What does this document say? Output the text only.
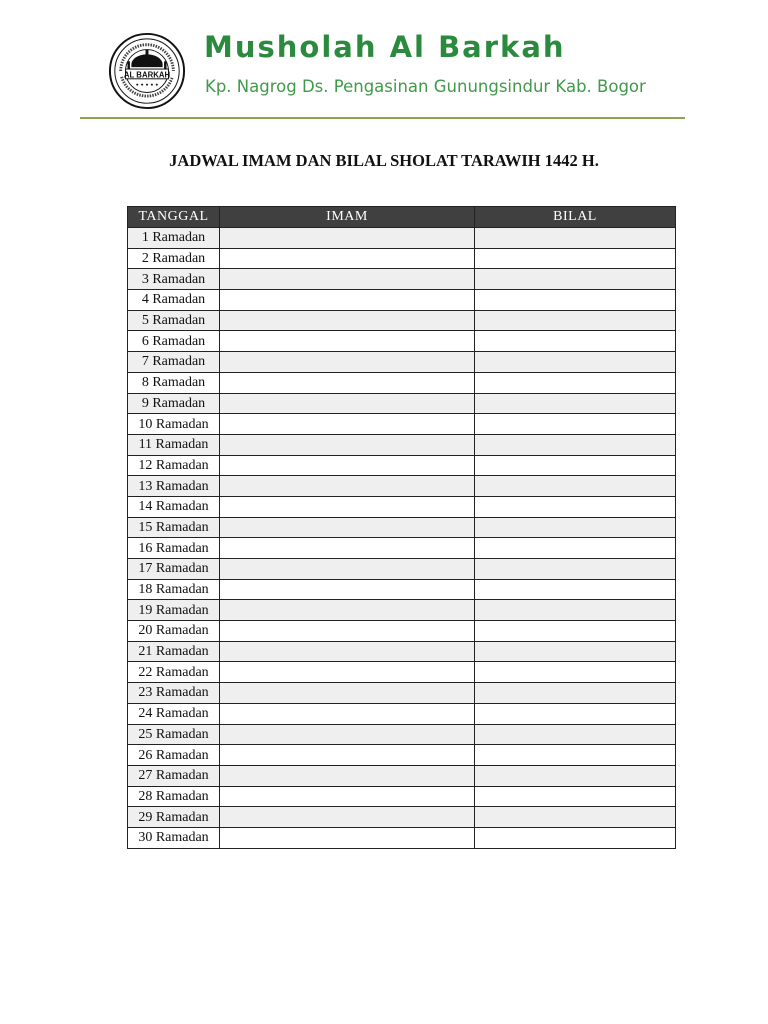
AL BARKAH
Musholah Al Barkah
Kp. Nagrog Ds. Pengasinan Gunungsindur Kab. Bogor
JADWAL IMAM DAN BILAL SHOLAT TARAWIH 1442 H.
TANGGAL	IMAM	BILAL
1 Ramadan		
2 Ramadan		
3 Ramadan		
4 Ramadan		
5 Ramadan		
6 Ramadan		
7 Ramadan		
8 Ramadan		
9 Ramadan		
10 Ramadan		
11 Ramadan		
12 Ramadan		
13 Ramadan		
14 Ramadan		
15 Ramadan		
16 Ramadan		
17 Ramadan		
18 Ramadan		
19 Ramadan		
20 Ramadan		
21 Ramadan		
22 Ramadan		
23 Ramadan		
24 Ramadan		
25 Ramadan		
26 Ramadan		
27 Ramadan		
28 Ramadan		
29 Ramadan		
30 Ramadan		
